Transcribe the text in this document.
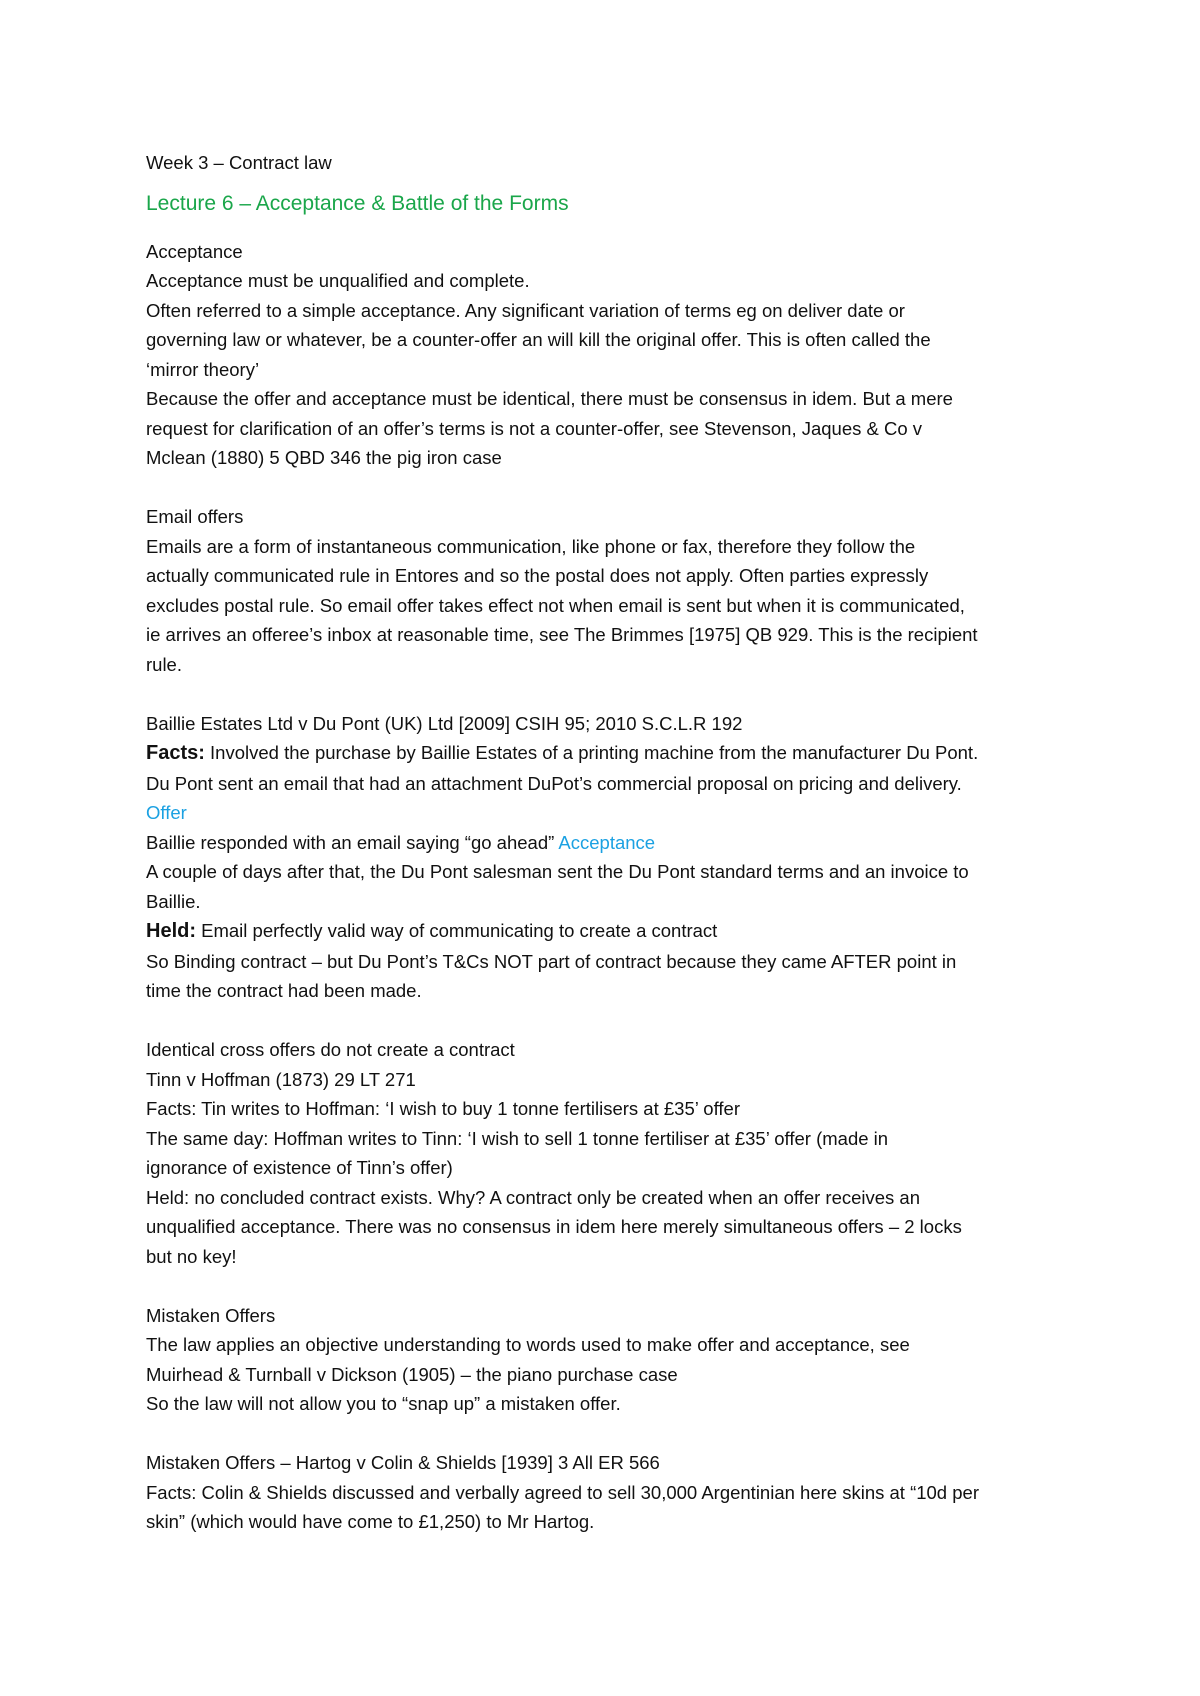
Week 3 – Contract law

Lecture 6 – Acceptance & Battle of the Forms

Acceptance

Acceptance must be unqualified and complete.

Often referred to a simple acceptance. Any significant variation of terms eg on deliver date or

governing law or whatever, be a counter-offer an will kill the original offer. This is often called the

‘mirror theory’

Because the offer and acceptance must be identical, there must be consensus in idem. But a mere

request for clarification of an offer’s terms is not a counter-offer, see Stevenson, Jaques & Co v

Mclean (1880) 5 QBD 346 the pig iron case

Email offers

Emails are a form of instantaneous communication, like phone or fax, therefore they follow the

actually communicated rule in Entores and so the postal does not apply. Often parties expressly

excludes postal rule. So email offer takes effect not when email is sent but when it is communicated,

ie arrives an offeree’s inbox at reasonable time, see The Brimmes [1975] QB 929. This is the recipient

rule.

Baillie Estates Ltd v Du Pont (UK) Ltd [2009] CSIH 95; 2010 S.C.L.R 192

Facts: Involved the purchase by Baillie Estates of a printing machine from the manufacturer Du Pont.

Du Pont sent an email that had an attachment DuPot’s commercial proposal on pricing and delivery.

Offer

Baillie responded with an email saying “go ahead” Acceptance

A couple of days after that, the Du Pont salesman sent the Du Pont standard terms and an invoice to

Baillie.

Held: Email perfectly valid way of communicating to create a contract

So Binding contract – but Du Pont’s T&Cs NOT part of contract because they came AFTER point in

time the contract had been made.

Identical cross offers do not create a contract

Tinn v Hoffman (1873) 29 LT 271

Facts: Tin writes to Hoffman: ‘I wish to buy 1 tonne fertilisers at £35’ offer

The same day: Hoffman writes to Tinn: ‘I wish to sell 1 tonne fertiliser at £35’ offer (made in

ignorance of existence of Tinn’s offer)

Held: no concluded contract exists. Why? A contract only be created when an offer receives an

unqualified acceptance. There was no consensus in idem here merely simultaneous offers – 2 locks

but no key!

Mistaken Offers

The law applies an objective understanding to words used to make offer and acceptance, see

Muirhead & Turnball v Dickson (1905) – the piano purchase case

So the law will not allow you to “snap up” a mistaken offer.

Mistaken Offers – Hartog v Colin & Shields [1939] 3 All ER 566

Facts: Colin & Shields discussed and verbally agreed to sell 30,000 Argentinian here skins at “10d per

skin” (which would have come to £1,250) to Mr Hartog.
